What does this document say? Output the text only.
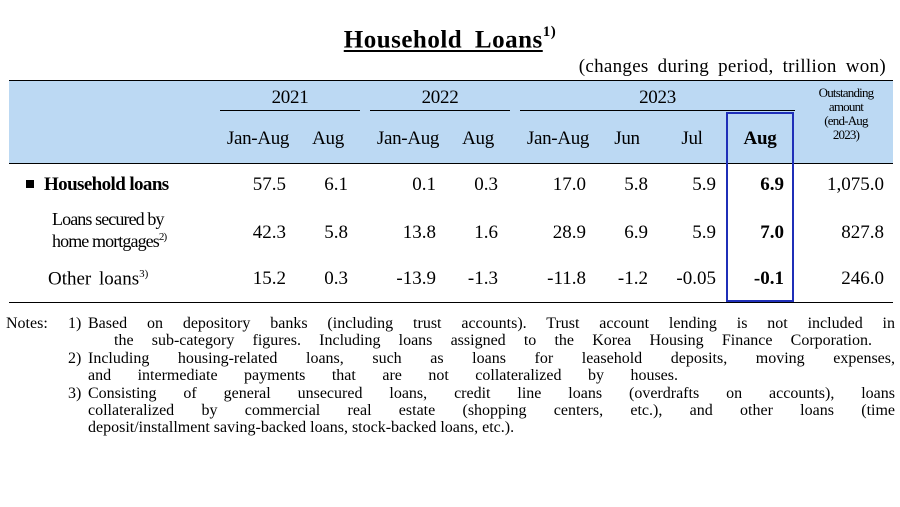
Household Loans$^{1)}$
(changes during period, trillion won)
2021	2022	2023
Jan-Aug	Aug	Jan-Aug	Aug	Jan-Aug	Jun	Jul	Aug
Outstanding
amount
(end-Aug
2023)
Household loans	57.5	6.1	0.1	0.3	17.0	5.8	5.9	6.9	1,075.0
Loans secured by
home mortgages$^{2)}$	42.3	5.8	13.8	1.6	28.9	6.9	5.9	7.0	827.8
Other loans$^{3)}$	15.2	0.3	-13.9	-1.3	-11.8	-1.2	-0.05	-0.1	246.0
Notes: 1) Based on depository banks (including trust accounts). Trust account lending is not included in
the sub-category figures. Including loans assigned to the Korea Housing Finance Corporation.
2) Including housing-related loans, such as loans for leasehold deposits, moving expenses,
and intermediate payments that are not collateralized by houses.
3) Consisting of general unsecured loans, credit line loans (overdrafts on accounts), loans
collateralized by commercial real estate (shopping centers, etc.), and other loans (time
deposit/installment saving-backed loans, stock-backed loans, etc.).
